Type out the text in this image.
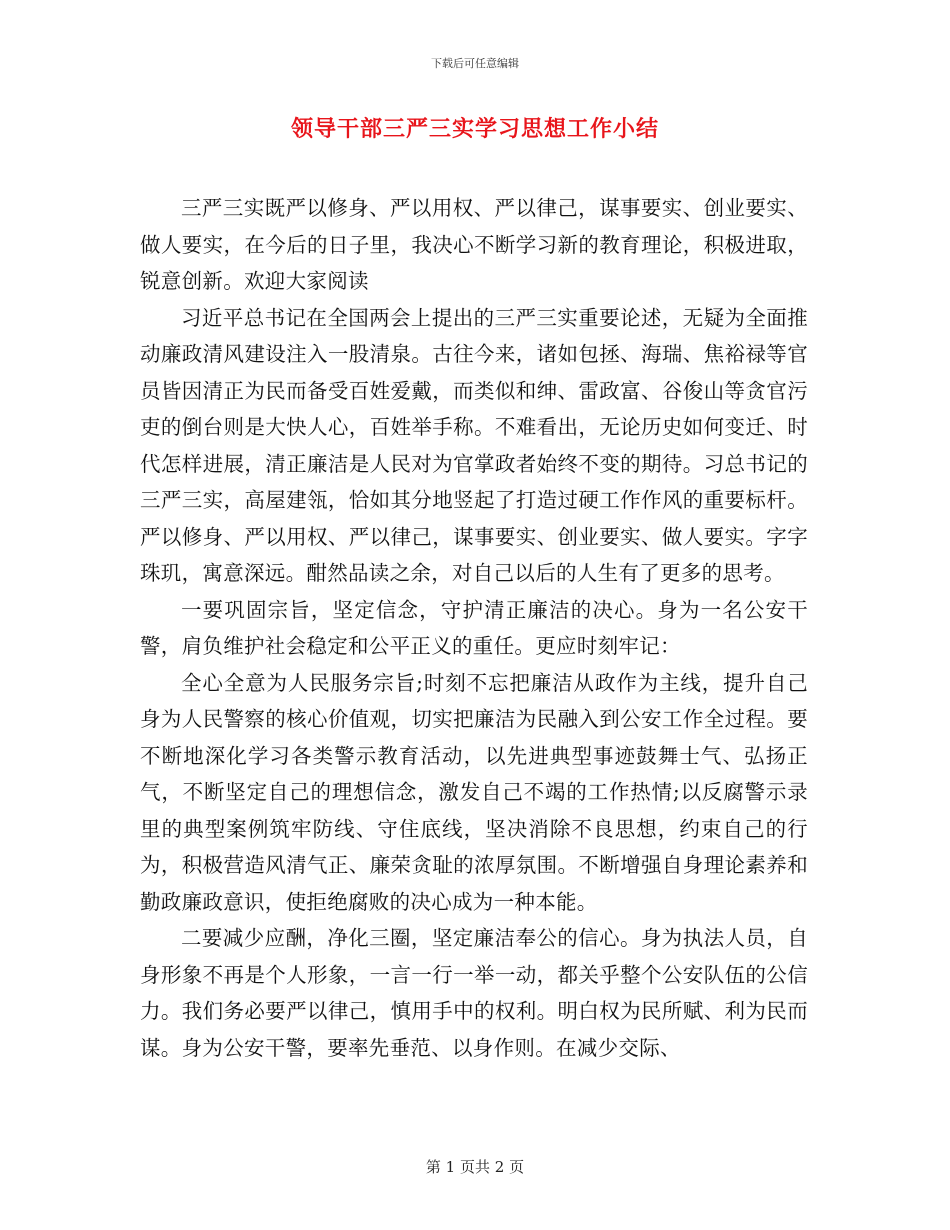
下载后可任意编辑
领导干部三严三实学习思想工作小结

三严三实既严以修身、严以用权、严以律己，谋事要实、创业要实、做人要实，在今后的日子里，我决心不断学习新的教育理论，积极进取，锐意创新。欢迎大家阅读

习近平总书记在全国两会上提出的三严三实重要论述，无疑为全面推动廉政清风建设注入一股清泉。古往今来，诸如包拯、海瑞、焦裕禄等官员皆因清正为民而备受百姓爱戴，而类似和绅、雷政富、谷俊山等贪官污吏的倒台则是大快人心，百姓举手称。不难看出，无论历史如何变迁、时代怎样进展，清正廉洁是人民对为官掌政者始终不变的期待。习总书记的三严三实，高屋建瓴，恰如其分地竖起了打造过硬工作作风的重要标杆。严以修身、严以用权、严以律己，谋事要实、创业要实、做人要实。字字珠玑，寓意深远。酣然品读之余，对自己以后的人生有了更多的思考。

一要巩固宗旨，坚定信念，守护清正廉洁的决心。身为一名公安干警，肩负维护社会稳定和公平正义的重任。更应时刻牢记：

全心全意为人民服务宗旨;时刻不忘把廉洁从政作为主线，提升自己身为人民警察的核心价值观，切实把廉洁为民融入到公安工作全过程。要不断地深化学习各类警示教育活动，以先进典型事迹鼓舞士气、弘扬正气，不断坚定自己的理想信念，激发自己不竭的工作热情;以反腐警示录里的典型案例筑牢防线、守住底线，坚决消除不良思想，约束自己的行为，积极营造风清气正、廉荣贪耻的浓厚氛围。不断增强自身理论素养和勤政廉政意识，使拒绝腐败的决心成为一种本能。

二要减少应酬，净化三圈，坚定廉洁奉公的信心。身为执法人员，自身形象不再是个人形象，一言一行一举一动，都关乎整个公安队伍的公信力。我们务必要严以律己，慎用手中的权利。明白权为民所赋、利为民而谋。身为公安干警，要率先垂范、以身作则。在减少交际、

第 1 页共 2 页
